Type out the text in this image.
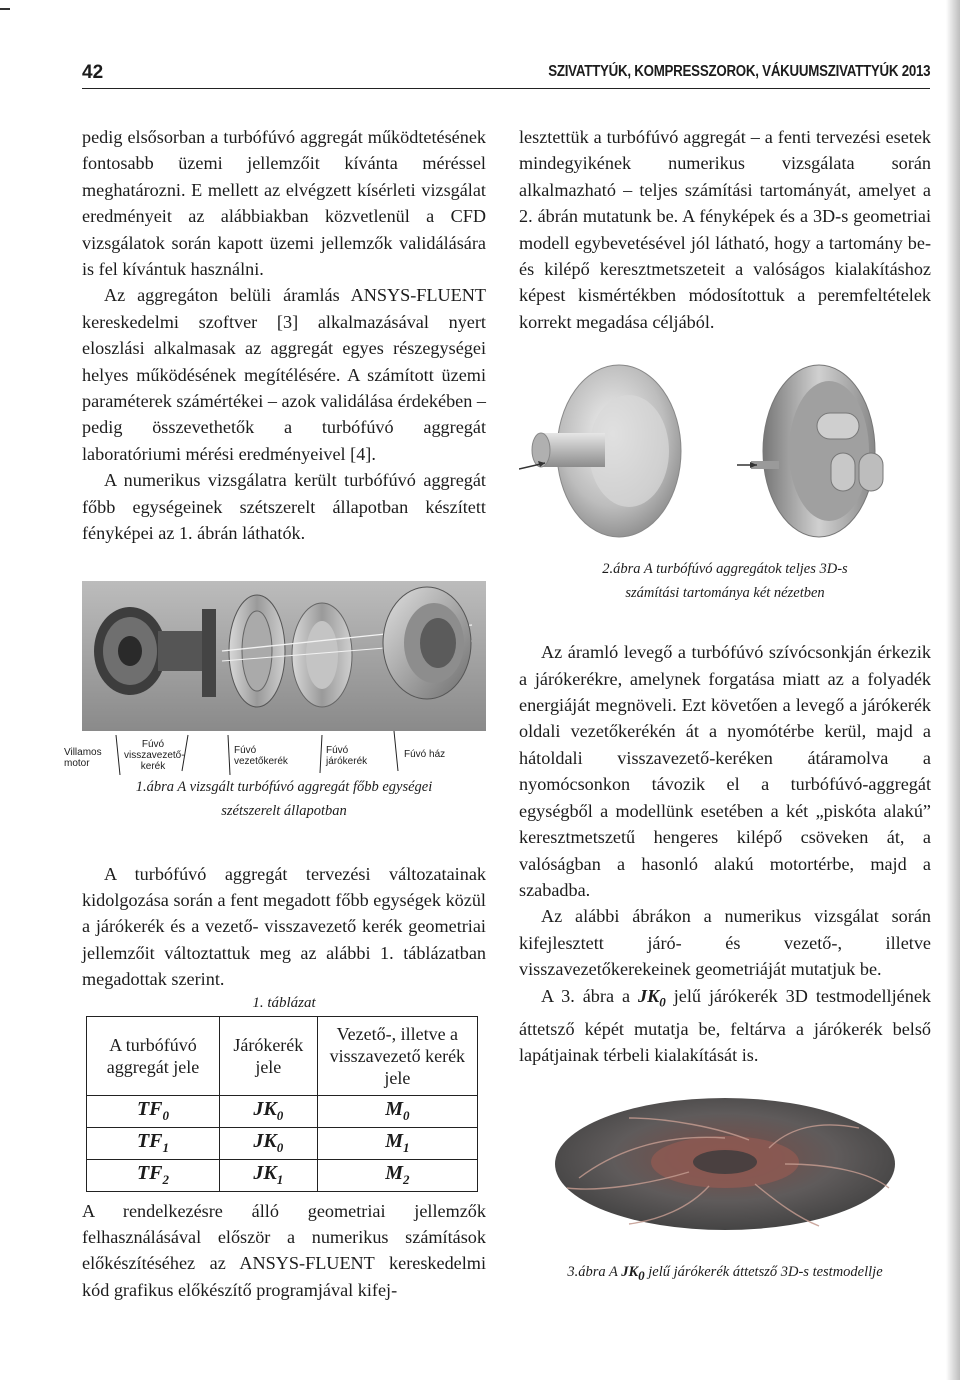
42	SZIVATTYÚK, KOMPRESSZOROK, VÁKUUMSZIVATTYÚK 2013

pedig elsősorban a turbófúvó aggregát működtetésének fontosabb üzemi jellemzőit kívánta méréssel meghatározni. E mellett az elvégzett kísérleti vizsgálat eredményeit az alábbiakban közvetlenül a CFD vizsgálatok során kapott üzemi jellemzők validálására is fel kívántuk használni.

Az aggregáton belüli áramlás ANSYS-FLUENT kereskedelmi szoftver [3] alkalmazásával nyert eloszlási alkalmasak az aggregát egyes részegységei helyes működésének megítélésére. A számított üzemi paraméterek számértékei – azok validálása érdekében – pedig összevethetők a turbófúvó aggregát laboratóriumi mérési eredményeivel [4].

A numerikus vizsgálatra került turbófúvó aggregát főbb egységeinek szétszerelt állapotban készített fényképei az 1. ábrán láthatók.

Villamos motor
Fúvó visszavezető-kerék
Fúvó vezetőkerék
Fúvó járókerék
Fúvó ház
1.ábra A vizsgált turbófúvó aggregát főbb egységei
szétszerelt állapotban

A turbófúvó aggregát tervezési változatainak kidolgozása során a fent megadott főbb egységek közül a járókerék és a vezető- visszavezető kerék geometriai jellemzőit változtattuk meg az alábbi 1. táblázatban megadottak szerint.

1. táblázat
A turbófúvó aggregát jele	Járókerék jele	Vezető-, illetve a visszavezető kerék jele
$TF_0$	$JK_0$	$M_0$
$TF_1$	$JK_0$	$M_1$
$TF_2$	$JK_1$	$M_2$

A rendelkezésre álló geometriai jellemzők felhasználásával először a numerikus számítások előkészítéséhez az ANSYS-FLUENT kereskedelmi kód grafikus előkészítő programjával kifej-

lesztettük a turbófúvó aggregát – a fenti tervezési esetek mindegyikének numerikus vizsgálata során alkalmazható – teljes számítási tartományát, amelyet a 2. ábrán mutatunk be. A fényképek és a 3D-s geometriai modell egybevetésével jól látható, hogy a tartomány be- és kilépő keresztmetszeteit a valóságos kialakításhoz képest kismértékben módosítottuk a peremfeltételek korrekt megadása céljából.

2.ábra A turbófúvó aggregátok teljes 3D-s
számítási tartománya két nézetben

Az áramló levegő a turbófúvó szívócsonkján érkezik a járókerékre, amelynek forgatása miatt az a folyadék energiáját megnöveli. Ezt követően a levegő a járókerék oldali vezetőkerékén át a nyomótérbe kerül, majd a hátoldali visszavezető-keréken átáramolva a nyomócsonkon távozik el a turbófúvó-aggregát egységből a modellünk esetében a két „piskóta alakú” keresztmetszetű hengeres kilépő csöveken át, a valóságban a hasonló alakú motortérbe, majd a szabadba.

Az alábbi ábrákon a numerikus vizsgálat során kifejlesztett járó- és vezető-, illetve visszavezetőkerekeinek geometriáját mutatjuk be.

A 3. ábra a $JK_0$ jelű járókerék 3D testmodelljének áttetsző képét mutatja be, feltárva a járókerék belső lapátjainak térbeli kialakítását is.

3.ábra A $JK_0$ jelű járókerék áttetsző 3D-s testmodellje
